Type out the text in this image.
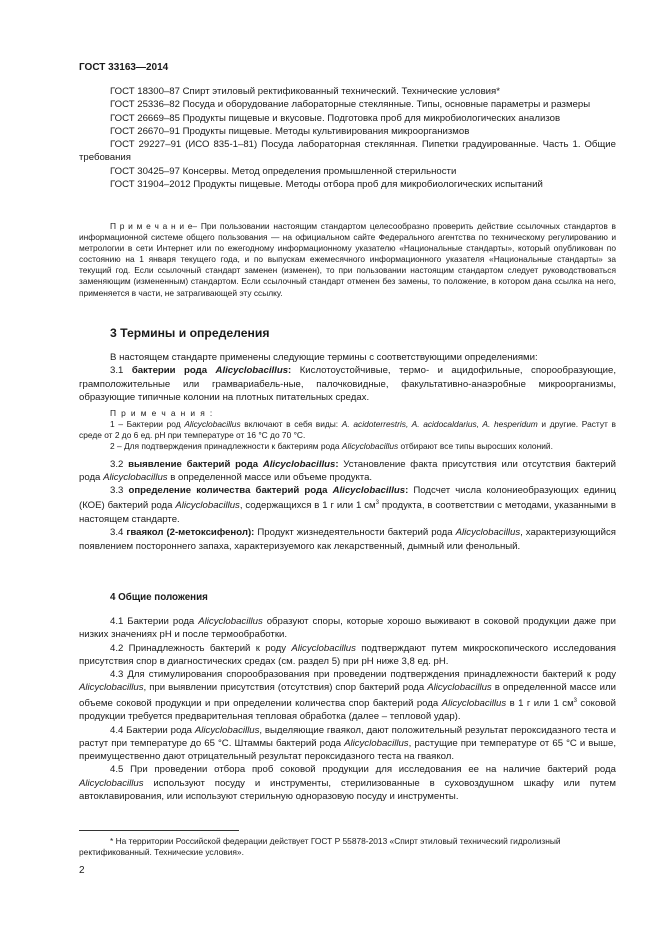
ГОСТ 33163—2014

ГОСТ 18300–87 Спирт этиловый ректификованный технический. Технические условия*

ГОСТ 25336–82 Посуда и оборудование лабораторные стеклянные. Типы, основные параметры и размеры

ГОСТ 26669–85 Продукты пищевые и вкусовые. Подготовка проб для микробиологических анализов

ГОСТ 26670–91 Продукты пищевые. Методы культивирования микроорганизмов

ГОСТ 29227–91 (ИСО 835-1–81) Посуда лабораторная стеклянная. Пипетки градуированные. Часть 1. Общие требования

ГОСТ 30425–97 Консервы. Метод определения промышленной стерильности

ГОСТ 31904–2012 Продукты пищевые. Методы отбора проб для микробиологических испытаний

П р и м е ч а н и е– При пользовании настоящим стандартом целесообразно проверить действие ссылочных стандартов в информационной системе общего пользования — на официальном сайте Федерального агентства по техническому регулированию и метрологии в сети Интернет или по ежегодному информационному указателю «Национальные стандарты», который опубликован по состоянию на 1 января текущего года, и по выпускам ежемесячного информационного указателя «Национальные стандарты» за текущий год. Если ссылочный стандарт заменен (изменен), то при пользовании настоящим стандартом следует руководствоваться заменяющим (измененным) стандартом. Если ссылочный стандарт отменен без замены, то положение, в котором дана ссылка на него, применяется в части, не затрагивающей эту ссылку.

3 Термины и определения

В настоящем стандарте применены следующие термины с соответствующими определениями:

3.1 бактерии рода Alicyclobacillus: Кислотоустойчивые, термо- и ацидофильные, спорообразующие, грамположительные или грамвариабель-ные, палочковидные, факультативно-анаэробные микроорганизмы, образующие типичные колонии на плотных питательных средах.

П р и м е ч а н и я :

1 – Бактерии род Alicyclobacillus включают в себя виды: A. acidoterrestris, A. acidocaldarius, A. hesperidum и другие. Растут в среде от 2 до 6 ед. pH при температуре от 16 °С до 70 °С.

2 – Для подтверждения принадлежности к бактериям рода Alicyclobacillus отбирают все типы выросших колоний.

3.2 выявление бактерий рода Alicyclobacillus: Установление факта присутствия или отсутствия бактерий рода Alicyclobacillus в определенной массе или объеме продукта.

3.3 определение количества бактерий рода Alicyclobacillus: Подсчет числа колониеобразующих единиц (КОЕ) бактерий рода Alicyclobacillus, содержащихся в 1 г или 1 $см^3$ продукта, в соответствии с методами, указанными в настоящем стандарте.

3.4 гваякол (2-метоксифенол): Продукт жизнедеятельности бактерий рода Alicyclobacillus, характеризующийся появлением постороннего запаха, характеризуемого как лекарственный, дымный или фенольный.

4 Общие положения

4.1 Бактерии рода Alicyclobacillus образуют споры, которые хорошо выживают в соковой продукции даже при низких значениях pH и после термообработки.

4.2 Принадлежность бактерий к роду Alicyclobacillus подтверждают путем микроскопического исследования присутствия спор в диагностических средах (см. раздел 5) при pH ниже 3,8 ед. pH.

4.3 Для стимулирования спорообразования при проведении подтверждения принадлежности бактерий к роду Alicyclobacillus, при выявлении присутствия (отсутствия) спор бактерий рода Alicyclobacillus в определенной массе или объеме соковой продукции и при определении количества спор бактерий рода Alicyclobacillus в 1 г или 1 $см^3$ соковой продукции требуется предварительная тепловая обработка (далее – тепловой удар).

4.4 Бактерии рода Alicyclobacillus, выделяющие гваякол, дают положительный результат пероксидазного теста и растут при температуре до 65 °С. Штаммы бактерий рода Alicyclobacillus, растущие при температуре от 65 °С и выше, преимущественно дают отрицательный результат пероксидазного теста на гваякол.

4.5 При проведении отбора проб соковой продукции для исследования ее на наличие бактерий рода Alicyclobacillus используют посуду и инструменты, стерилизованные в суховоздушном шкафу или путем автоклавирования, или используют стерильную одноразовую посуду и инструменты.

* На территории Российской федерации действует ГОСТ Р 55878-2013 «Спирт этиловый технический гидролизный ректификованный. Технические условия».

2
